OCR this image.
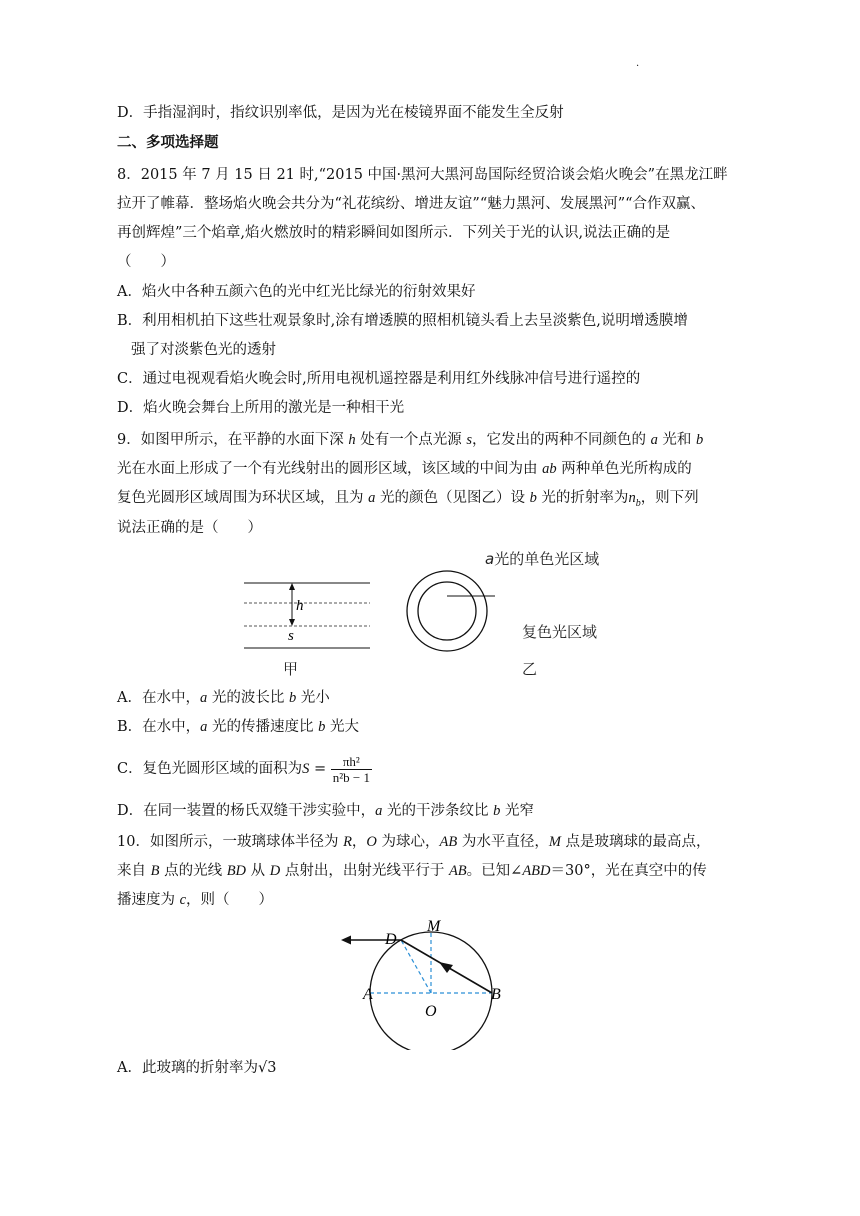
.
D．手指湿润时，指纹识别率低，是因为光在棱镜界面不能发生全反射
二、多项选择题
8．2015 年 7 月 15 日 21 时,“2015 中国·黑河大黑河岛国际经贸洽谈会焰火晚会”在黑龙江畔
拉开了帷幕．整场焰火晚会共分为“礼花缤纷、增进友谊”“魅力黑河、发展黑河”“合作双赢、
再创辉煌”三个焰章,焰火燃放时的精彩瞬间如图所示．下列关于光的认识,说法正确的是
（　　）
A．焰火中各种五颜六色的光中红光比绿光的衍射效果好
B．利用相机拍下这些壮观景象时,涂有增透膜的照相机镜头看上去呈淡紫色,说明增透膜增
强了对淡紫色光的透射
C．通过电视观看焰火晚会时,所用电视机遥控器是利用红外线脉冲信号进行遥控的
D．焰火晚会舞台上所用的激光是一种相干光
9．如图甲所示，在平静的水面下深 h 处有一个点光源 s，它发出的两种不同颜色的 a 光和 b
光在水面上形成了一个有光线射出的圆形区域，该区域的中间为由 ab 两种单色光所构成的
复色光圆形区域周围为环状区域，且为 a 光的颜色（见图乙）设 b 光的折射率为$n_b$，则下列
说法正确的是（　　）
h
s
甲
a光的单色光区域
复色光区域
乙
A．在水中，a 光的波长比 b 光小
B．在水中，a 光的传播速度比 b 光大
C．复色光圆形区域的面积为$S = \frac{\text{πh²}}{\text{n²b − 1}}$
D．在同一装置的杨氏双缝干涉实验中，a 光的干涉条纹比 b 光窄
10．如图所示，一玻璃球体半径为 R，O 为球心，AB 为水平直径，M 点是玻璃球的最高点，
来自 B 点的光线 BD 从 D 点射出，出射光线平行于 AB。已知∠ABD＝30°，光在真空中的传
播速度为 c，则（　　）
D
M
A
O
B
A．此玻璃的折射率为√3
